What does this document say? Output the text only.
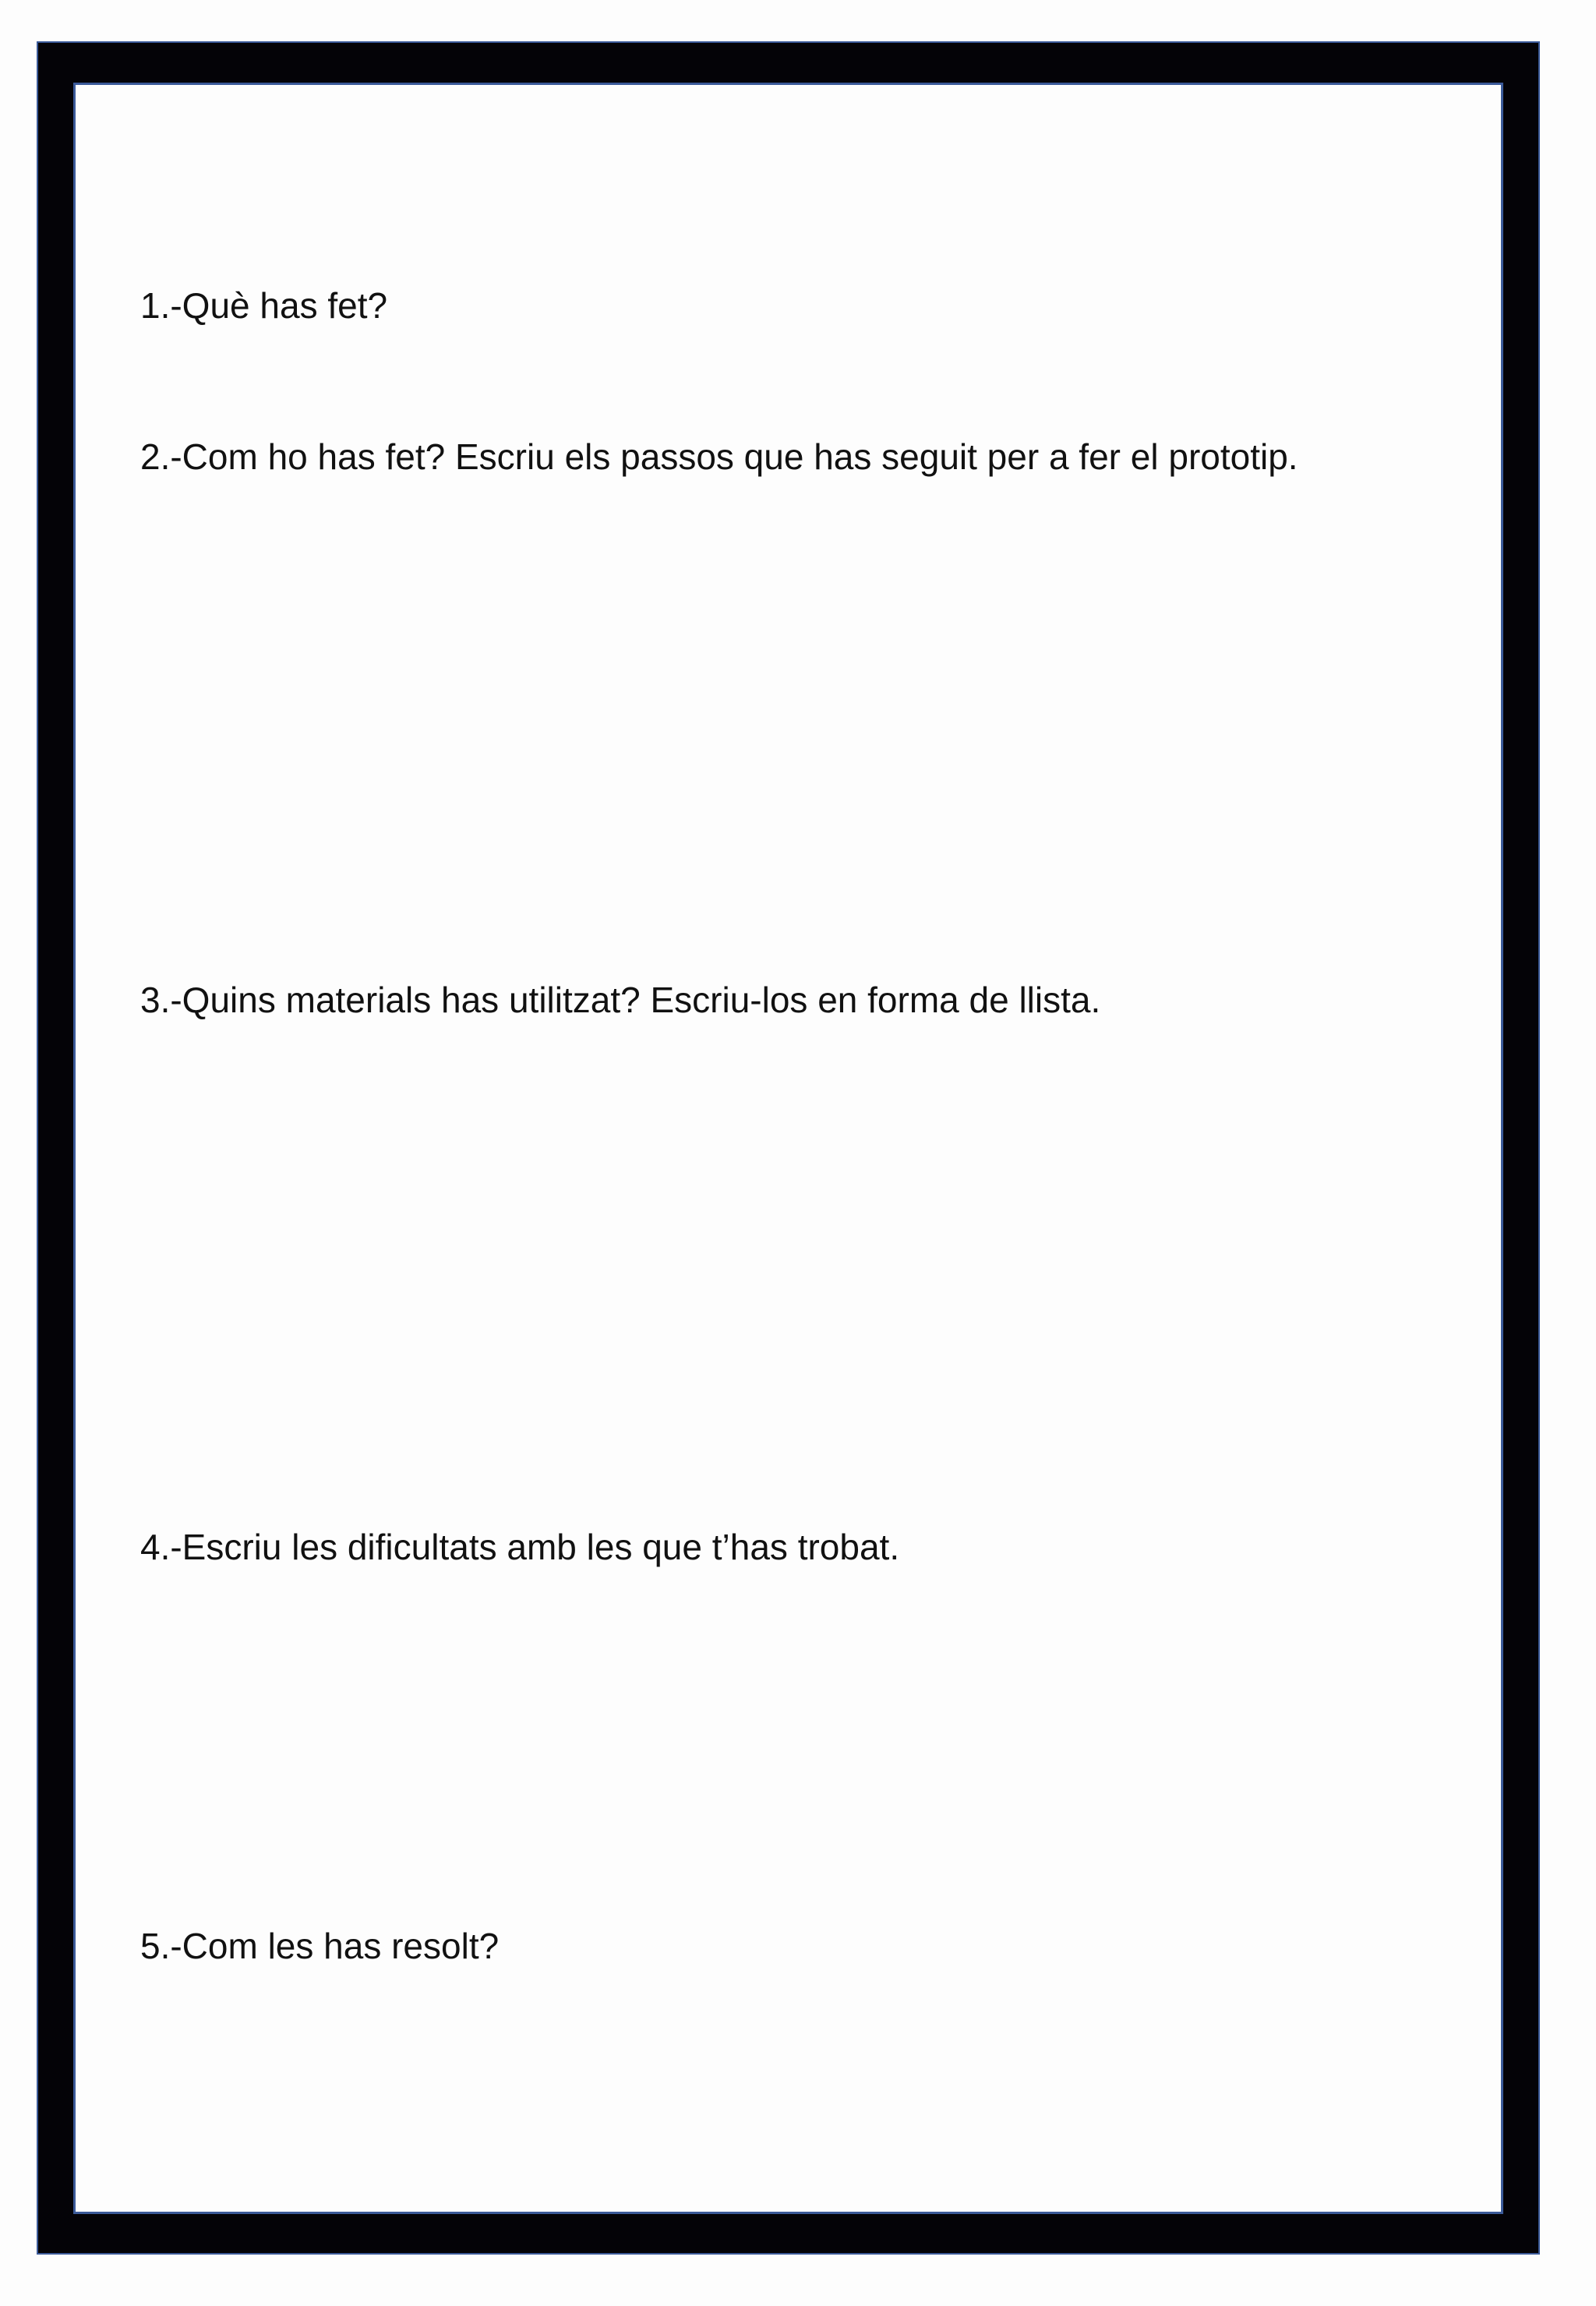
1.-Què has fet?

2.-Com ho has fet? Escriu els passos que has seguit per a fer el prototip.

3.-Quins materials has utilitzat? Escriu-los en forma de llista.

4.-Escriu les dificultats amb les que t’has trobat.

5.-Com les has resolt?
